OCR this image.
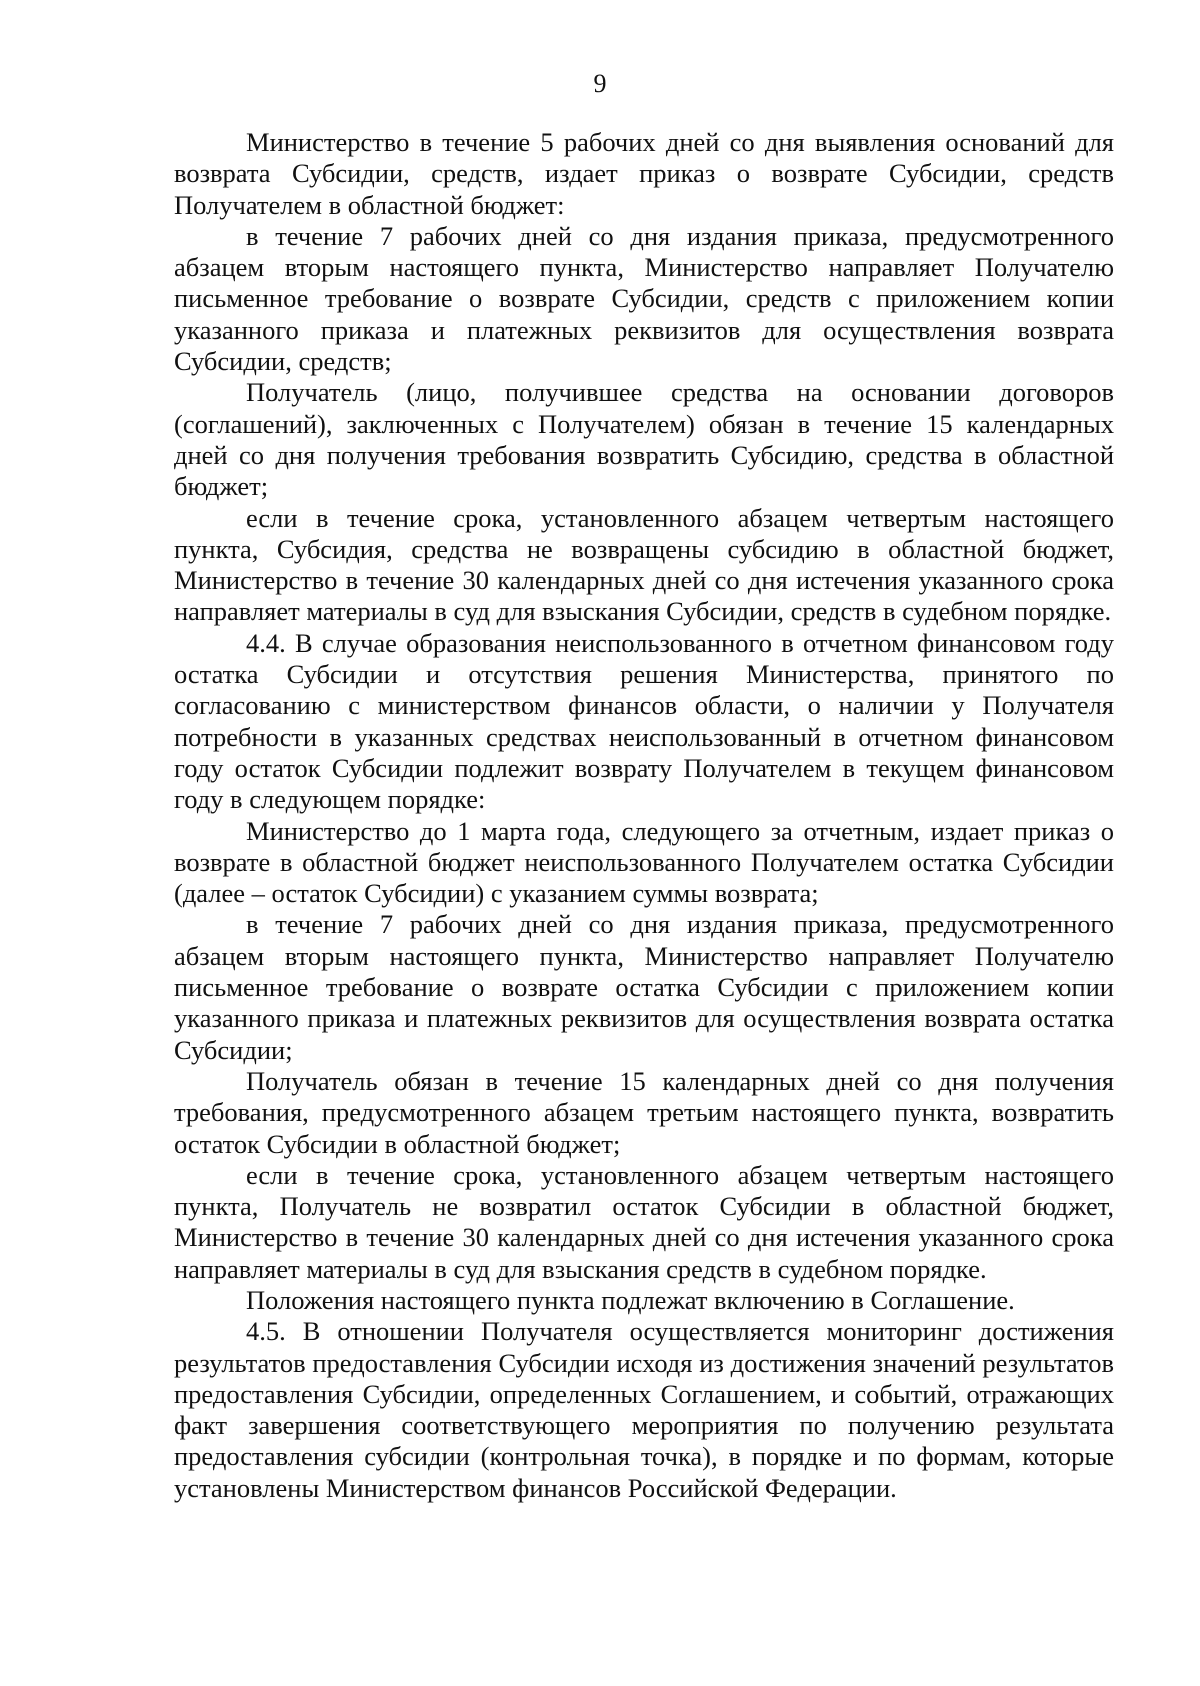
9

Министерство в течение 5 рабочих дней со дня выявления оснований для возврата Субсидии, средств, издает приказ о возврате Субсидии, средств Получателем в областной бюджет:

в течение 7 рабочих дней со дня издания приказа, предусмотренного абзацем вторым настоящего пункта, Министерство направляет Получателю письменное требование о возврате Субсидии, средств с приложением копии указанного приказа и платежных реквизитов для осуществления возврата Субсидии, средств;

Получатель (лицо, получившее средства на основании договоров (соглашений), заключенных с Получателем) обязан в течение 15 календарных дней со дня получения требования возвратить Субсидию, средства в областной бюджет;

если в течение срока, установленного абзацем четвертым настоящего пункта, Субсидия, средства не возвращены субсидию в областной бюджет, Министерство в течение 30 календарных дней со дня истечения указанного срока направляет материалы в суд для взыскания Субсидии, средств в судебном порядке.

4.4. В случае образования неиспользованного в отчетном финансовом году остатка Субсидии и отсутствия решения Министерства, принятого по согласованию с министерством финансов области, о наличии у Получателя потребности в указанных средствах неиспользованный в отчетном финансовом году остаток Субсидии подлежит возврату Получателем в текущем финансовом году в следующем порядке:

Министерство до 1 марта года, следующего за отчетным, издает приказ о возврате в областной бюджет неиспользованного Получателем остатка Субсидии (далее – остаток Субсидии) с указанием суммы возврата;

в течение 7 рабочих дней со дня издания приказа, предусмотренного абзацем вторым настоящего пункта, Министерство направляет Получателю письменное требование о возврате остатка Субсидии с приложением копии указанного приказа и платежных реквизитов для осуществления возврата остатка Субсидии;

Получатель обязан в течение 15 календарных дней со дня получения требования, предусмотренного абзацем третьим настоящего пункта, возвратить остаток Субсидии в областной бюджет;

если в течение срока, установленного абзацем четвертым настоящего пункта, Получатель не возвратил остаток Субсидии в областной бюджет, Министерство в течение 30 календарных дней со дня истечения указанного срока направляет материалы в суд для взыскания средств в судебном порядке.

Положения настоящего пункта подлежат включению в Соглашение.

4.5. В отношении Получателя осуществляется мониторинг достижения результатов предоставления Субсидии исходя из достижения значений результатов предоставления Субсидии, определенных Соглашением, и событий, отражающих факт завершения соответствующего мероприятия по получению результата предоставления субсидии (контрольная точка), в порядке и по формам, которые установлены Министерством финансов Российской Федерации.
